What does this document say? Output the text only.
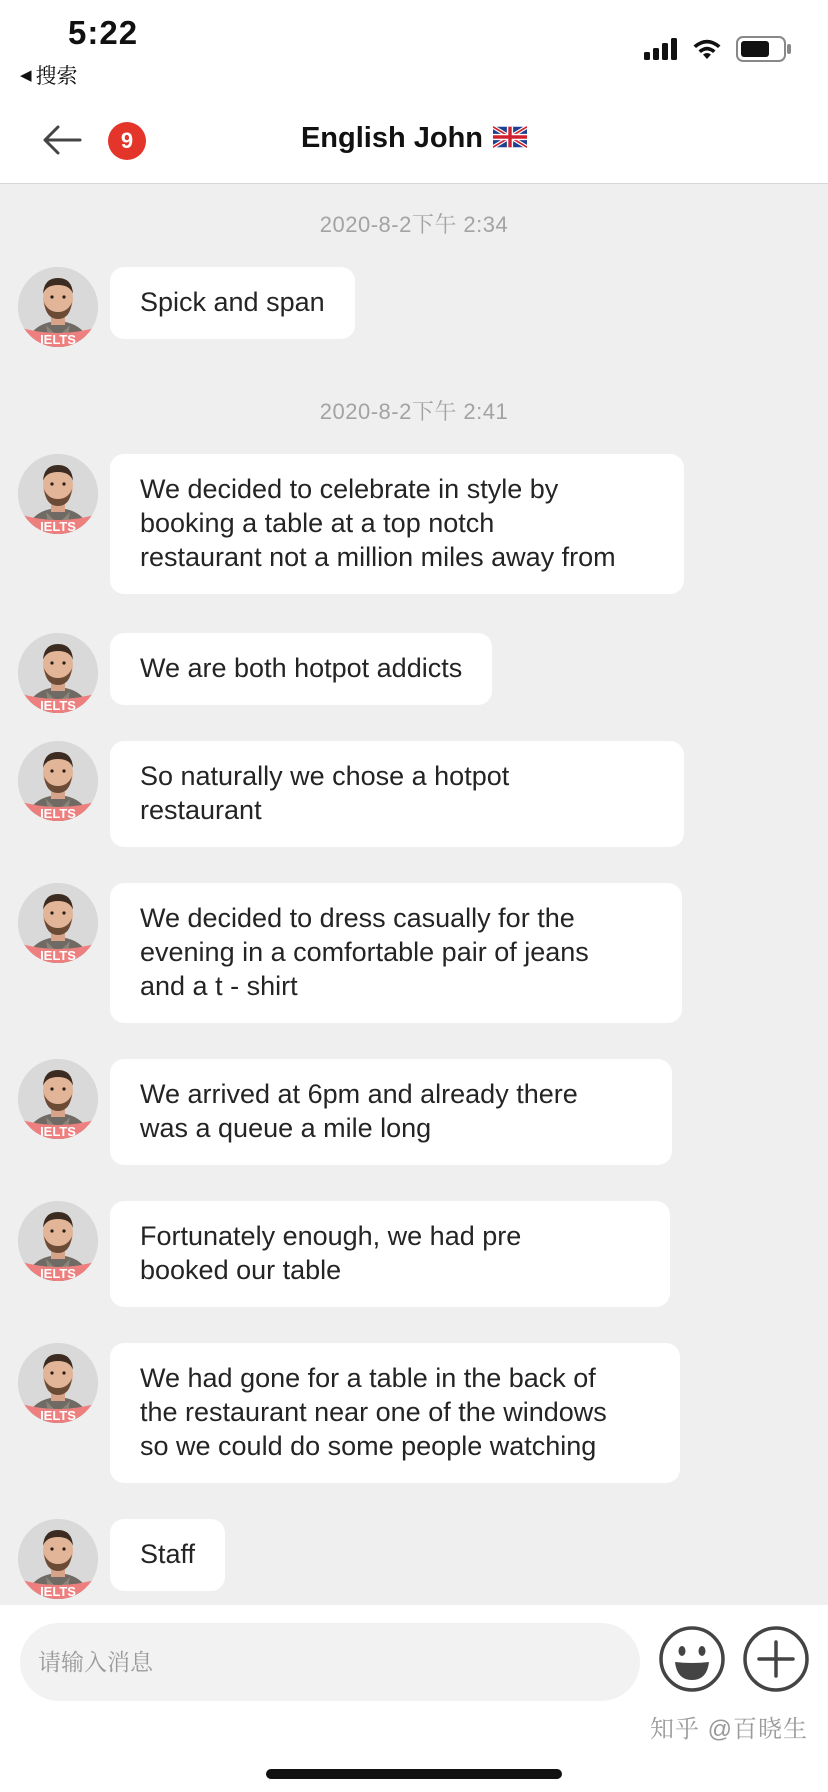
5:22
◀ 搜索
9	English John
2020-8-2下午 2:34
IELTS
Spick and span
2020-8-2下午 2:41
IELTS
We decided to celebrate in style by
booking a table at a top notch
restaurant not a million miles away from
IELTS
We are both hotpot addicts
IELTS
So naturally we chose a hotpot
restaurant
IELTS
We decided to dress casually for the
evening in a comfortable pair of jeans
and a t - shirt
IELTS
We arrived at 6pm and already there
was a queue a mile long
IELTS
Fortunately enough, we had pre
booked our table
IELTS
We had gone for a table in the back of
the restaurant near one of the windows
so we could do some people watching
IELTS
Staff
请输入消息
知乎 @百晓生
